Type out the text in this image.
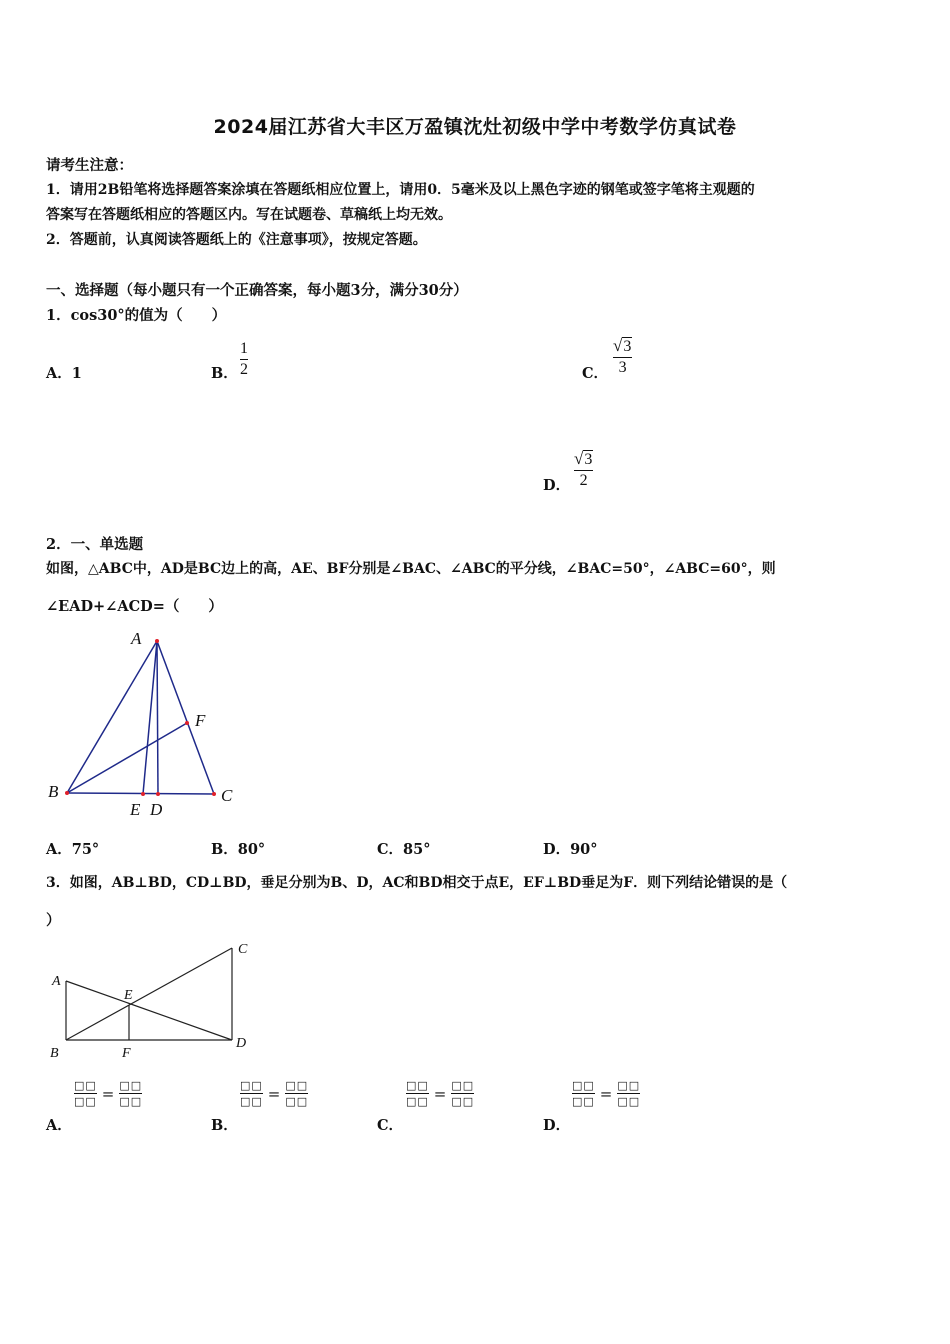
2024届江苏省大丰区万盈镇沈灶初级中学中考数学仿真试卷
请考生注意：
1．请用2B铅笔将选择题答案涂填在答题纸相应位置上，请用0．5毫米及以上黑色字迹的钢笔或签字笔将主观题的
答案写在答题纸相应的答题区内。写在试题卷、草稿纸上均无效。
2．答题前，认真阅读答题纸上的《注意事项》，按规定答题。
一、选择题（每小题只有一个正确答案，每小题3分，满分30分）
1．cos30°的值为（　　）
A．1	B．
1
2	C．
√ 3
3
D．
√ 3
2
2．一、单选题
如图，△ABC中，AD是BC边上的高，AE、BF分别是∠BAC、∠ABC的平分线，∠BAC=50°，∠ABC=60°，则
∠EAD+∠ACD=（　　）
A
B	C
D
E
F
A．75°	B．80°	C．85°	D．90°
3．如图，AB⊥BD，CD⊥BD，垂足分别为B、D，AC和BD相交于点E，EF⊥BD垂足为F．则下列结论错误的是（
）
A
B
C
D
E
F
□□
□□ = □□
□□
A．
□□
□□ = □□
□□
B．
□□
□□ = □□
□□
C．
□□
□□ = □□
□□
D．
